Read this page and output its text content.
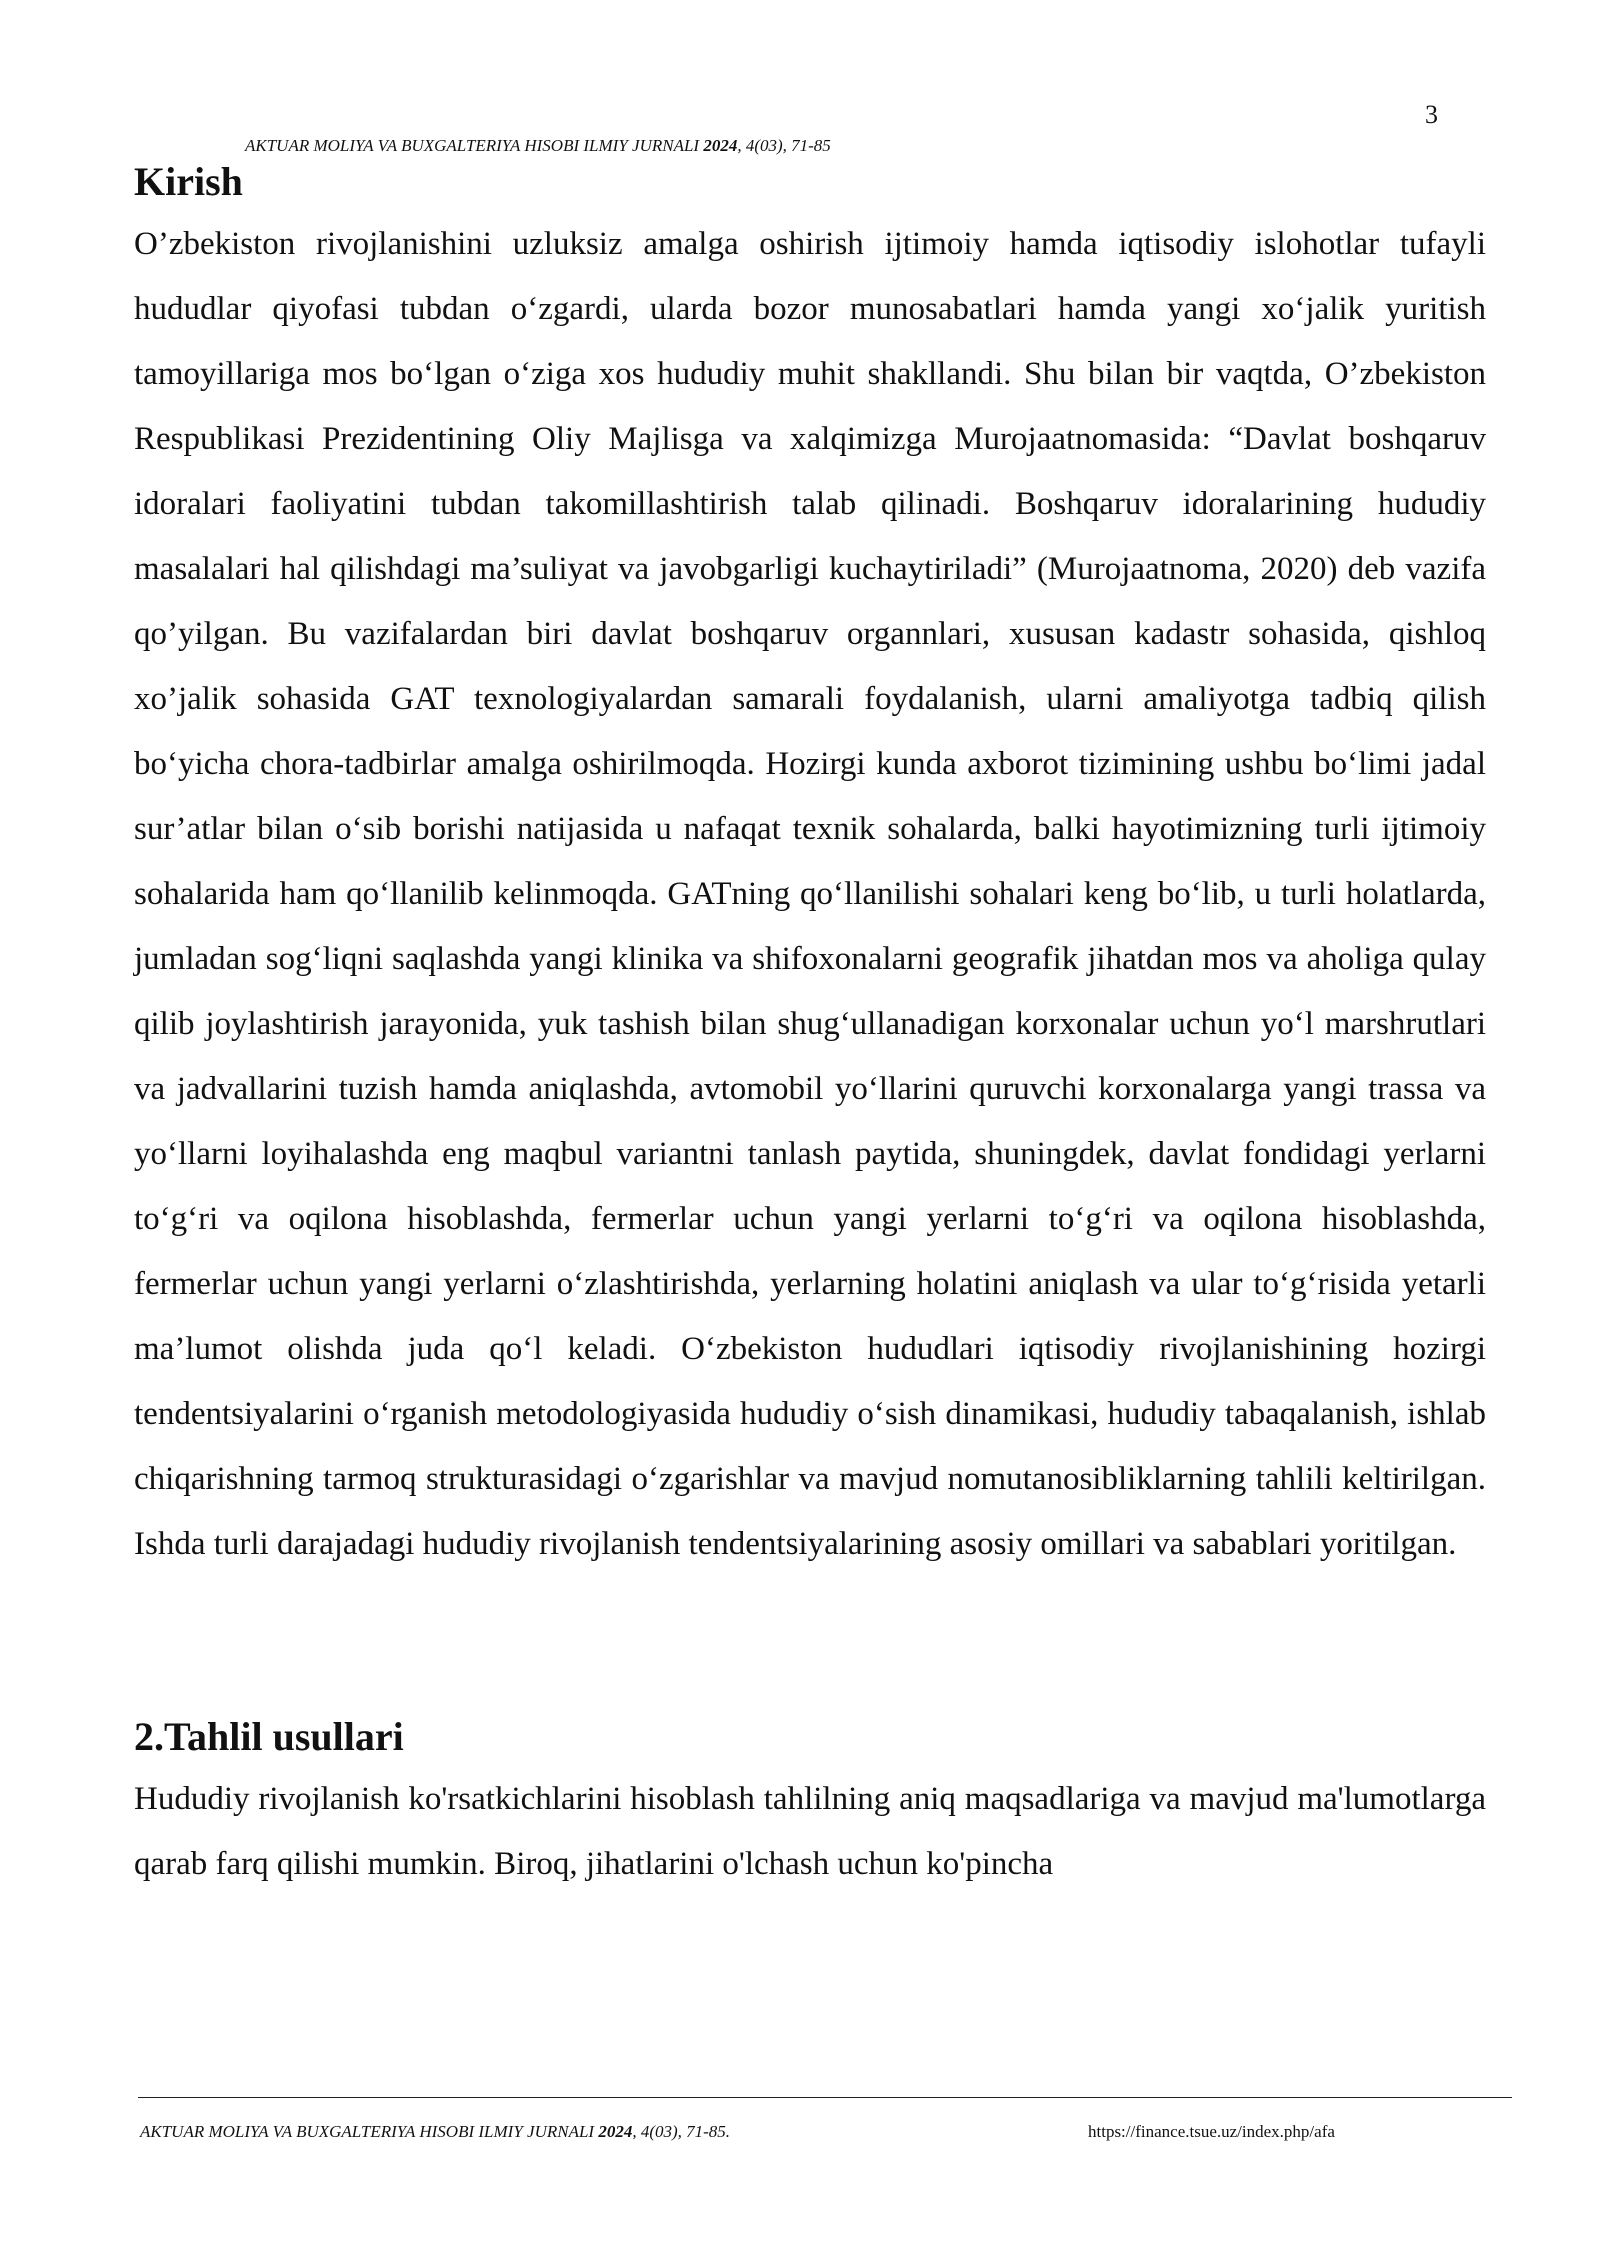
3
AKTUAR MOLIYA VA BUXGALTERIYA HISOBI ILMIY JURNALI 2024, 4(03), 71-85
Kirish

O’zbekiston rivojlanishini uzluksiz amalga oshirish ijtimoiy hamda iqtisodiy islohotlar tufayli hududlar qiyofasi tubdan o‘zgardi, ularda bozor munosabatlari hamda yangi xo‘jalik yuritish tamoyillariga mos bo‘lgan o‘ziga xos hududiy muhit shakllandi. Shu bilan bir vaqtda, O’zbekiston Respublikasi Prezidentining Oliy Majlisga va xalqimizga Murojaatnomasida: “Davlat boshqaruv idoralari faoliyatini tubdan takomillashtirish talab qilinadi. Boshqaruv idoralarining hududiy masalalari hal qilishdagi ma’suliyat va javobgarligi kuchaytiriladi” (Murojaatnoma, 2020) deb vazifa qo’yilgan. Bu vazifalardan biri davlat boshqaruv organnlari, xususan kadastr sohasida, qishloq xo’jalik sohasida GAT texnologiyalardan samarali foydalanish, ularni amaliyotga tadbiq qilish bo‘yicha chora-tadbirlar amalga oshirilmoqda. Hozirgi kunda axborot tizimining ushbu bo‘limi jadal sur’atlar bilan o‘sib borishi natijasida u nafaqat texnik sohalarda, balki hayotimizning turli ijtimoiy sohalarida ham qo‘llanilib kelinmoqda. GATning qo‘llanilishi sohalari keng bo‘lib, u turli holatlarda, jumladan sog‘liqni saqlashda yangi klinika va shifoxonalarni geografik jihatdan mos va aholiga qulay qilib joylashtirish jarayonida, yuk tashish bilan shug‘ullanadigan korxonalar uchun yo‘l marshrutlari va jadvallarini tuzish hamda aniqlashda, avtomobil yo‘llarini quruvchi korxonalarga yangi trassa va yo‘llarni loyihalashda eng maqbul variantni tanlash paytida, shuningdek, davlat fondidagi yerlarni to‘g‘ri va oqilona hisoblashda, fermerlar uchun yangi yerlarni to‘g‘ri va oqilona hisoblashda, fermerlar uchun yangi yerlarni o‘zlashtirishda, yerlarning holatini aniqlash va ular to‘g‘risida yetarli ma’lumot olishda juda qo‘l keladi. O‘zbekiston hududlari iqtisodiy rivojlanishining hozirgi tendentsiyalarini o‘rganish metodologiyasida hududiy o‘sish dinamikasi, hududiy tabaqalanish, ishlab chiqarishning tarmoq strukturasidagi o‘zgarishlar va mavjud nomutanosibliklarning tahlili keltirilgan. Ishda turli darajadagi hududiy rivojlanish tendentsiyalarining asosiy omillari va sabablari yoritilgan.

2.Tahlil usullari

Hududiy rivojlanish ko'rsatkichlarini hisoblash tahlilning aniq maqsadlariga va mavjud ma'lumotlarga qarab farq qilishi mumkin. Biroq, jihatlarini o'lchash uchun ko'pincha

AKTUAR MOLIYA VA BUXGALTERIYA HISOBI ILMIY JURNALI 2024, 4(03), 71-85.	https://finance.tsue.uz/index.php/afa
